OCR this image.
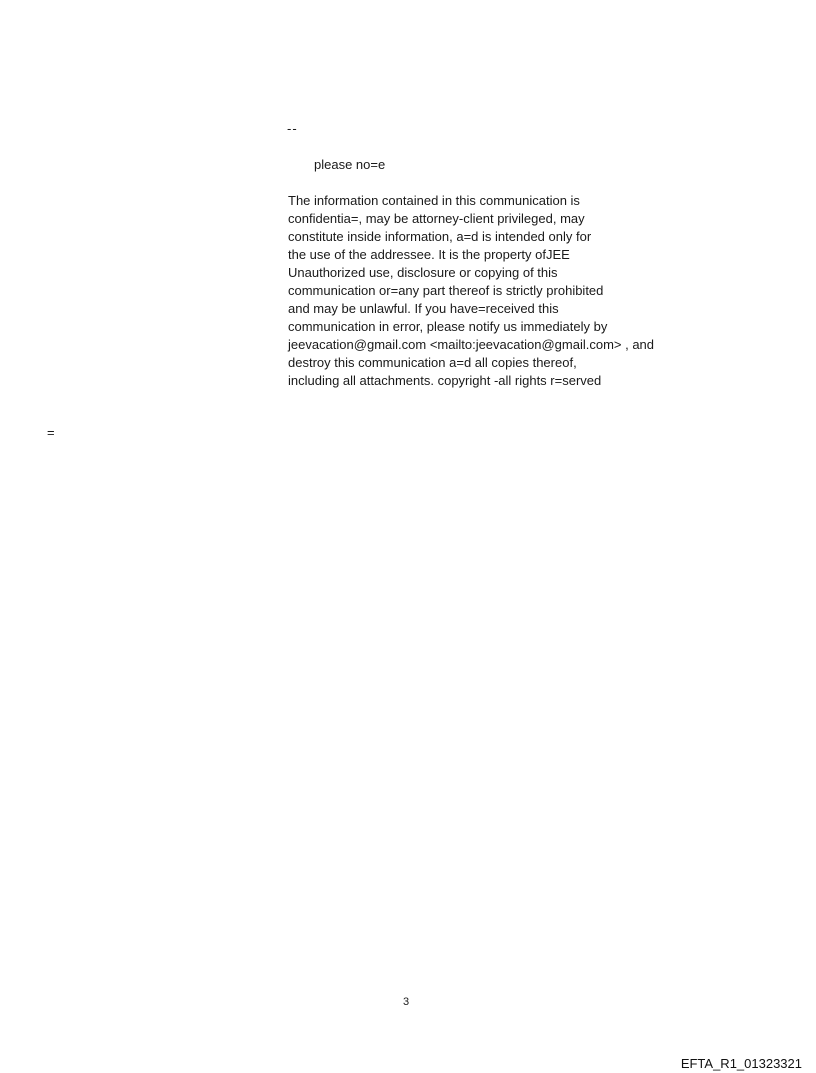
--
please no=e
The information contained in this communication is
confidentia=, may be attorney-client privileged, may
constitute inside information, a=d is intended only for
the use of the addressee. It is the property ofJEE
Unauthorized use, disclosure or copying of this
communication or=any part thereof is strictly prohibited
and may be unlawful. If you have=received this
communication in error, please notify us immediately by
jeevacation@gmail.com <mailto:jeevacation@gmail.com> , and
destroy this communication a=d all copies thereof,
including all attachments. copyright -all rights r=served
=
3
EFTA_R1_01323321
